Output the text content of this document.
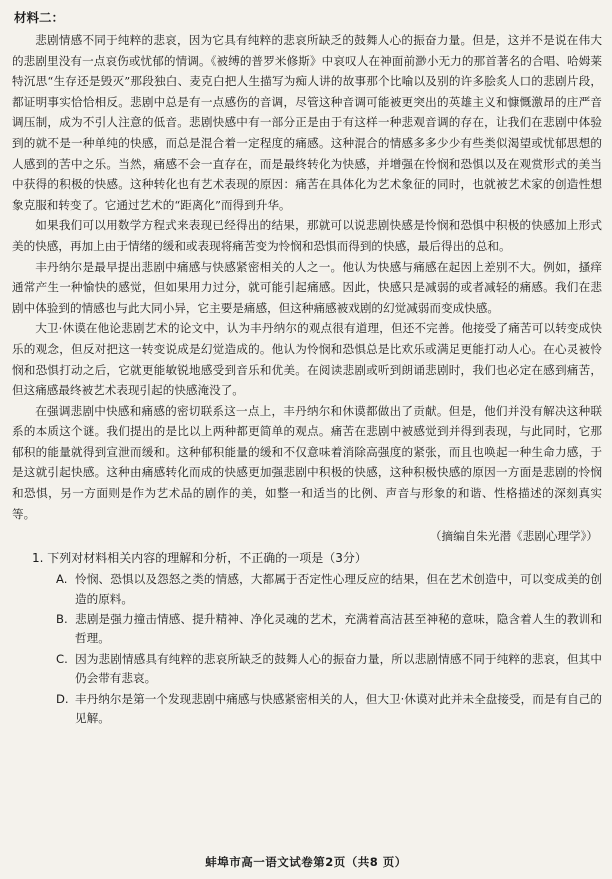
材料二：

悲剧情感不同于纯粹的悲哀，因为它具有纯粹的悲哀所缺乏的鼓舞人心的振奋力量。但是，这并不是说在伟大的悲剧里没有一点哀伤或忧郁的情调。《被缚的普罗米修斯》中哀叹人在神面前渺小无力的那首著名的合唱、哈姆莱特沉思“生存还是毁灭”那段独白、麦克白把人生描写为痴人讲的故事那个比喻以及别的许多脍炙人口的悲剧片段，都证明事实恰恰相反。悲剧中总是有一点感伤的音调，尽管这种音调可能被更突出的英雄主义和慷慨激昂的庄严音调压制，成为不引人注意的低音。悲剧快感中有一部分正是由于有这样一种悲观音调的存在，让我们在悲剧中体验到的就不是一种单纯的快感，而总是混合着一定程度的痛感。这种混合的情感多多少少有些类似渴望或忧郁思想的人感到的苦中之乐。当然，痛感不会一直存在，而是最终转化为快感，并增强在怜悯和恐惧以及在观赏形式的美当中获得的积极的快感。这种转化也有艺术表现的原因：痛苦在具体化为艺术象征的同时，也就被艺术家的创造性想象克服和转变了。它通过艺术的“距离化”而得到升华。

如果我们可以用数学方程式来表现已经得出的结果，那就可以说悲剧快感是怜悯和恐惧中积极的快感加上形式美的快感，再加上由于情绪的缓和或表现将痛苦变为怜悯和恐惧而得到的快感，最后得出的总和。

丰丹纳尔是最早提出悲剧中痛感与快感紧密相关的人之一。他认为快感与痛感在起因上差别不大。例如，搔痒通常产生一种愉快的感觉，但如果用力过分，就可能引起痛感。因此，快感只是减弱的或者减轻的痛感。我们在悲剧中体验到的情感也与此大同小异，它主要是痛感，但这种痛感被戏剧的幻觉减弱而变成快感。

大卫·休谟在他论悲剧艺术的论文中，认为丰丹纳尔的观点很有道理，但还不完善。他接受了痛苦可以转变成快乐的观念，但反对把这一转变说成是幻觉造成的。他认为怜悯和恐惧总是比欢乐或满足更能打动人心。在心灵被怜悯和恐惧打动之后，它就更能敏锐地感受到音乐和优美。在阅读悲剧或听到朗诵悲剧时，我们也必定在感到痛苦，但这痛感最终被艺术表现引起的快感淹没了。

在强调悲剧中快感和痛感的密切联系这一点上，丰丹纳尔和休谟都做出了贡献。但是，他们并没有解决这种联系的本质这个谜。我们提出的是比以上两种都更简单的观点。痛苦在悲剧中被感觉到并得到表现，与此同时，它那郁积的能量就得到宣泄而缓和。这种郁积能量的缓和不仅意味着消除高强度的紧张，而且也唤起一种生命力感，于是这就引起快感。这种由痛感转化而成的快感更加强悲剧中积极的快感，这种积极快感的原因一方面是悲剧的怜悯和恐惧，另一方面则是作为艺术品的剧作的美，如整一和适当的比例、声音与形象的和谐、性格描述的深刻真实等。

（摘编自朱光潜《悲剧心理学》）
1. 下列对材料相关内容的理解和分析，不正确的一项是（3分）
A. 怜悯、恐惧以及怨怒之类的情感，大都属于否定性心理反应的结果，但在艺术创造中，可以变成美的创造的原料。
B. 悲剧是强力撞击情感、提升精神、净化灵魂的艺术，充满着高洁甚至神秘的意味，隐含着人生的教训和哲理。
C. 因为悲剧情感具有纯粹的悲哀所缺乏的鼓舞人心的振奋力量，所以悲剧情感不同于纯粹的悲哀，但其中仍会带有悲哀。
D. 丰丹纳尔是第一个发现悲剧中痛感与快感紧密相关的人，但大卫·休谟对此并未全盘接受，而是有自己的见解。
蚌埠市高一语文试卷第2页（共8 页）
